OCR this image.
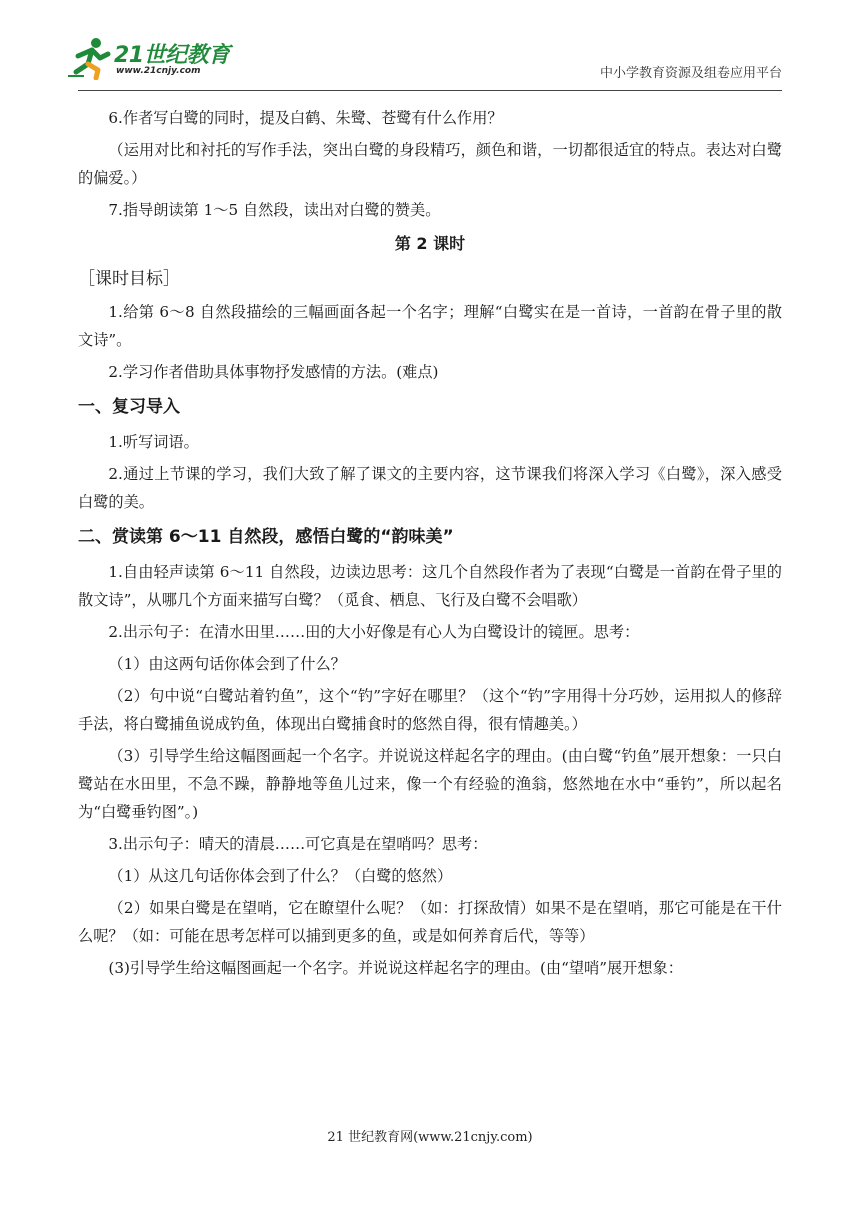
21世纪教育
www.21cnjy.com	中小学教育资源及组卷应用平台

6.作者写白鹭的同时，提及白鹤、朱鹭、苍鹭有什么作用？

（运用对比和衬托的写作手法，突出白鹭的身段精巧，颜色和谐，一切都很适宜的特点。表达对白鹭的偏爱。）

7.指导朗读第 1～5 自然段，读出对白鹭的赞美。

第 2 课时
［课时目标］

1.给第 6～8 自然段描绘的三幅画面各起一个名字；理解“白鹭实在是一首诗，一首韵在骨子里的散文诗”。

2.学习作者借助具体事物抒发感情的方法。(难点)

一、复习导入

1.听写词语。

2.通过上节课的学习，我们大致了解了课文的主要内容，这节课我们将深入学习《白鹭》，深入感受白鹭的美。

二、赏读第 6～11 自然段，感悟白鹭的“韵味美”

1.自由轻声读第 6～11 自然段，边读边思考：这几个自然段作者为了表现“白鹭是一首韵在骨子里的散文诗”，从哪几个方面来描写白鹭？（觅食、栖息、飞行及白鹭不会唱歌）

2.出示句子：在清水田里……田的大小好像是有心人为白鹭设计的镜匣。思考：

（1）由这两句话你体会到了什么？

（2）句中说“白鹭站着钓鱼”，这个“钓”字好在哪里？（这个“钓”字用得十分巧妙，运用拟人的修辞手法，将白鹭捕鱼说成钓鱼，体现出白鹭捕食时的悠然自得，很有情趣美。）

（3）引导学生给这幅图画起一个名字。并说说这样起名字的理由。(由白鹭“钓鱼”展开想象：一只白鹭站在水田里，不急不躁，静静地等鱼儿过来，像一个有经验的渔翁，悠然地在水中“垂钓”，所以起名为“白鹭垂钓图”。)

3.出示句子：晴天的清晨……可它真是在望哨吗？思考：

（1）从这几句话你体会到了什么？（白鹭的悠然）

（2）如果白鹭是在望哨，它在瞭望什么呢？（如：打探敌情）如果不是在望哨，那它可能是在干什么呢？（如：可能在思考怎样可以捕到更多的鱼，或是如何养育后代，等等）

(3)引导学生给这幅图画起一个名字。并说说这样起名字的理由。(由“望哨”展开想象：

21 世纪教育网(www.21cnjy.com)
